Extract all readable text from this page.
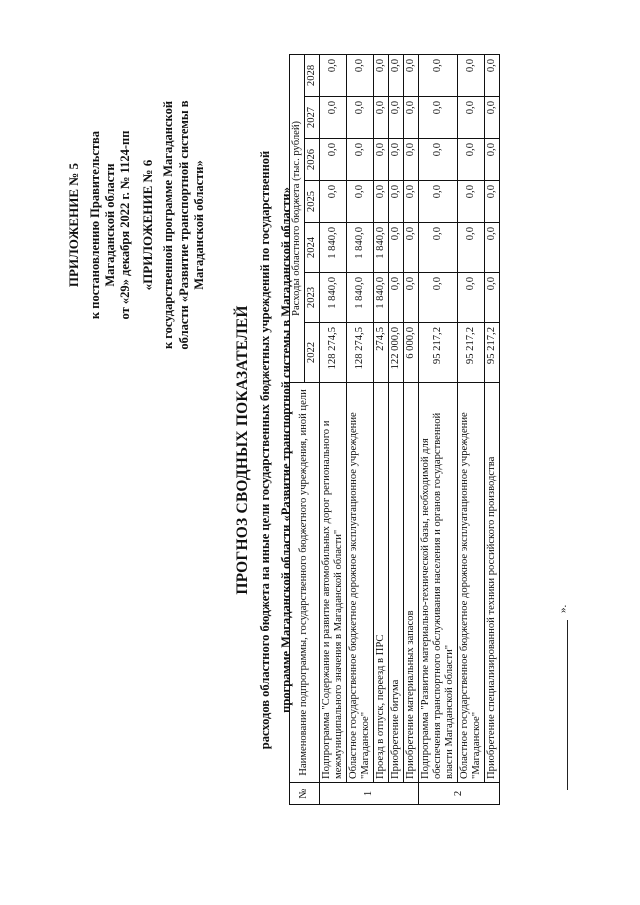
ПРИЛОЖЕНИЕ № 5 к постановлению Правительства Магаданской области от «29» декабря 2022 г. № 1124-пп «ПРИЛОЖЕНИЕ № 6 к государственной программе Магаданской области «Развитие транспортной системы в Магаданской области»
ПРОГНОЗ СВОДНЫХ ПОКАЗАТЕЛЕЙ расходов областного бюджета на иные цели государственных бюджетных учреждений по государственной программе Магаданской области «Развитие транспортной системы в Магаданской области»
№	Наименование подпрограммы, государственного бюджетного учреждения, иной цели	Расходы областного бюджета (тыс. рублей)						
		2022	2023	2024	2025	2026	2027	2028
1	Подпрограмма "Содержание и развитие автомобильных дорог регионального и межмуниципального значения в Магаданской области"	128 274,5	1 840,0	1 840,0	0,0	0,0	0,0	0,0
	Областное государственное бюджетное дорожное эксплуатационное учреждение "Магаданское"	128 274,5	1 840,0	1 840,0	0,0	0,0	0,0	0,0
	Проезд в отпуск, переезд в ПРС	274,5	1 840,0	1 840,0	0,0	0,0	0,0	0,0
	Приобретение битума	122 000,0	0,0	0,0	0,0	0,0	0,0	0,0
	Приобретение материальных запасов	6 000,0	0,0	0,0	0,0	0,0	0,0	0,0
2	Подпрограмма "Развитие материально-технической базы, необходимой для обеспечения транспортного обслуживания населения и органов государственной власти Магаданской области"	95 217,2	0,0	0,0	0,0	0,0	0,0	0,0
	Областное государственное бюджетное дорожное эксплуатационное учреждение "Магаданское"	95 217,2	0,0	0,0	0,0	0,0	0,0	0,0
	Приобретение специализированной техники российского производства	95 217,2	0,0	0,0	0,0	0,0	0,0	0,0
».
